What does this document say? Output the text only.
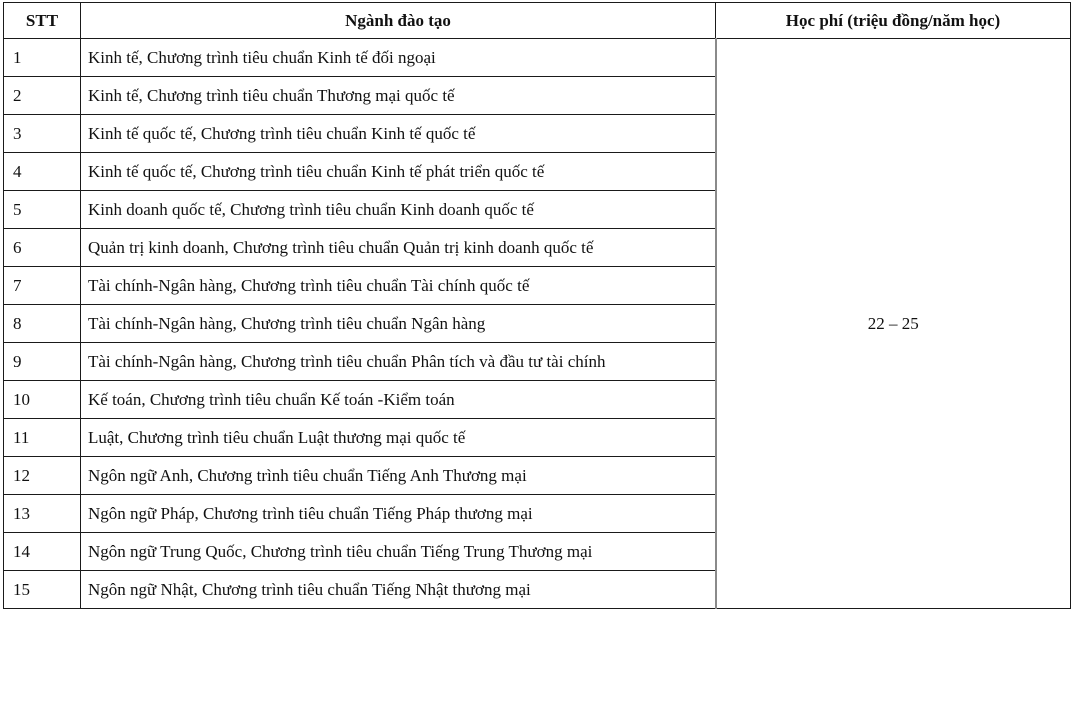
STT	Ngành đào tạo	Học phí (triệu đồng/năm học)
1	Kinh tế, Chương trình tiêu chuẩn Kinh tế đối ngoại	22 – 25
2	Kinh tế, Chương trình tiêu chuẩn Thương mại quốc tế	
3	Kinh tế quốc tế, Chương trình tiêu chuẩn Kinh tế quốc tế	
4	Kinh tế quốc tế, Chương trình tiêu chuẩn Kinh tế phát triển quốc tế	
5	Kinh doanh quốc tế, Chương trình tiêu chuẩn Kinh doanh quốc tế	
6	Quản trị kinh doanh, Chương trình tiêu chuẩn Quản trị kinh doanh quốc tế	
7	Tài chính-Ngân hàng, Chương trình tiêu chuẩn Tài chính quốc tế	
8	Tài chính-Ngân hàng, Chương trình tiêu chuẩn Ngân hàng	
9	Tài chính-Ngân hàng, Chương trình tiêu chuẩn Phân tích và đầu tư tài chính	
10	Kế toán, Chương trình tiêu chuẩn Kế toán -Kiểm toán	
11	Luật, Chương trình tiêu chuẩn Luật thương mại quốc tế	
12	Ngôn ngữ Anh, Chương trình tiêu chuẩn Tiếng Anh Thương mại	
13	Ngôn ngữ Pháp, Chương trình tiêu chuẩn Tiếng Pháp thương mại	
14	Ngôn ngữ Trung Quốc, Chương trình tiêu chuẩn Tiếng Trung Thương mại	
15	Ngôn ngữ Nhật, Chương trình tiêu chuẩn Tiếng Nhật thương mại	
